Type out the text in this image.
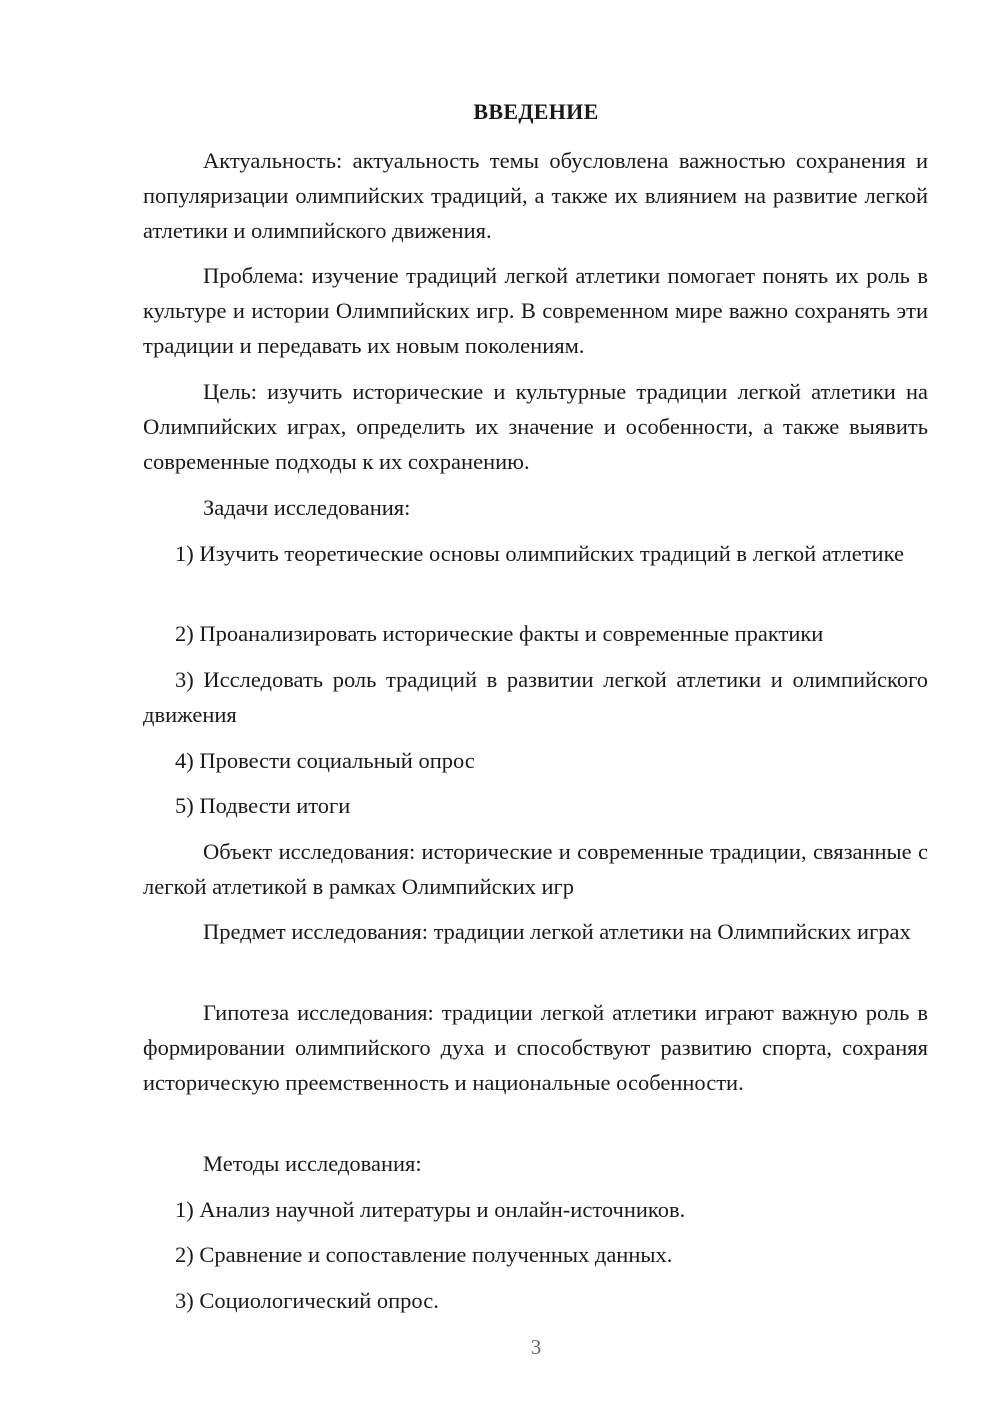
ВВЕДЕНИЕ
Актуальность: актуальность темы обусловлена важностью сохранения и популяризации олимпийских традиций, а также их влиянием на развитие легкой атлетики и олимпийского движения.
Проблема: изучение традиций легкой атлетики помогает понять их роль в культуре и истории Олимпийских игр. В современном мире важно сохранять эти традиции и передавать их новым поколениям.
Цель: изучить исторические и культурные традиции легкой атлетики на Олимпийских играх, определить их значение и особенности, а также выявить современные подходы к их сохранению.
Задачи исследования:
1) Изучить теоретические основы олимпийских традиций в легкой атлетике
2) Проанализировать исторические факты и современные практики
3) Исследовать роль традиций в развитии легкой атлетики и олимпийского движения
4) Провести социальный опрос
5) Подвести итоги
Объект исследования: исторические и современные традиции, связанные с легкой атлетикой в рамках Олимпийских игр
Предмет исследования: традиции легкой атлетики на Олимпийских играх
Гипотеза исследования: традиции легкой атлетики играют важную роль в формировании олимпийского духа и способствуют развитию спорта, сохраняя историческую преемственность и национальные особенности.
Методы исследования:
1) Анализ научной литературы и онлайн-источников.
2) Сравнение и сопоставление полученных данных.
3) Социологический опрос.
3
